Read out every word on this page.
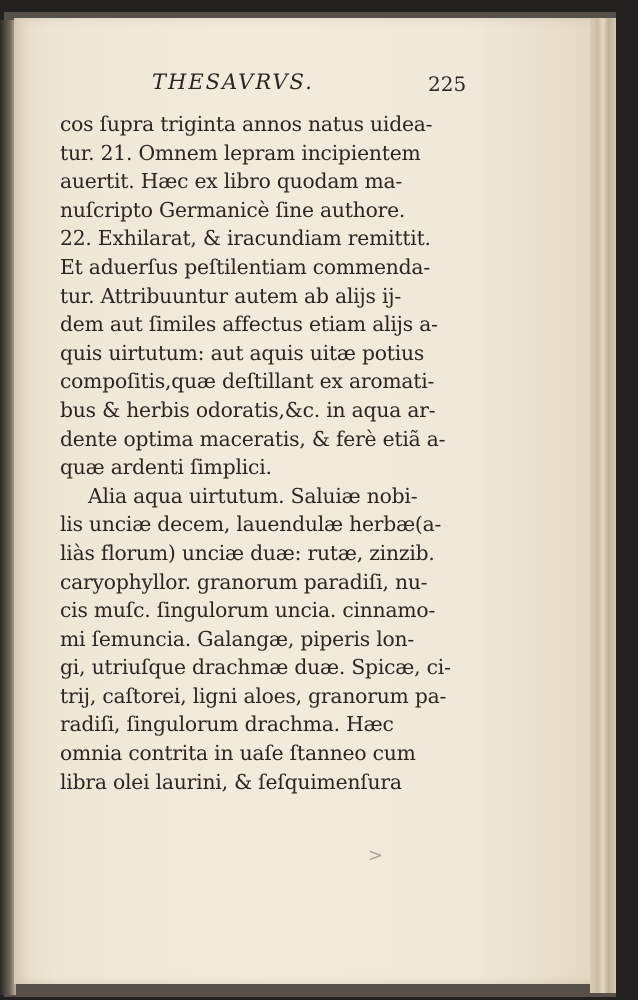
THESAVRVS.	225
cos ſupra triginta annos natus uidea-
tur. 21. Omnem lepram incipientem
auertit. Hæc ex libro quodam ma-
nuſcripto Germanicè ſine authore.
22. Exhilarat, & iracundiam remittit.
Et aduerſus peſtilentiam commenda-
tur. Attribuuntur autem ab alijs ij-
dem aut ſimiles affectus etiam alijs a-
quis uirtutum: aut aquis uitæ potius
compoſitis,quæ deſtillant ex aromati-
bus & herbis odoratis,&c. in aqua ar-
dente optima maceratis, & ferè etiã a-
quæ ardenti ſimplici.
Alia aqua uirtutum. Saluiæ nobi-
lis unciæ decem, lauendulæ herbæ(a-
liàs florum) unciæ duæ: rutæ, zinzib.
caryophyllor. granorum paradiſi, nu-
cis muſc. ſingulorum uncia. cinnamo-
mi ſemuncia. Galangæ, piperis lon-
gi, utriuſque drachmæ duæ. Spicæ, ci-
trij, caſtorei, ligni aloes, granorum pa-
radiſi, ſingulorum drachma. Hæc
omnia contrita in uaſe ſtanneo cum
libra olei laurini, & ſeſquimenſura
>
